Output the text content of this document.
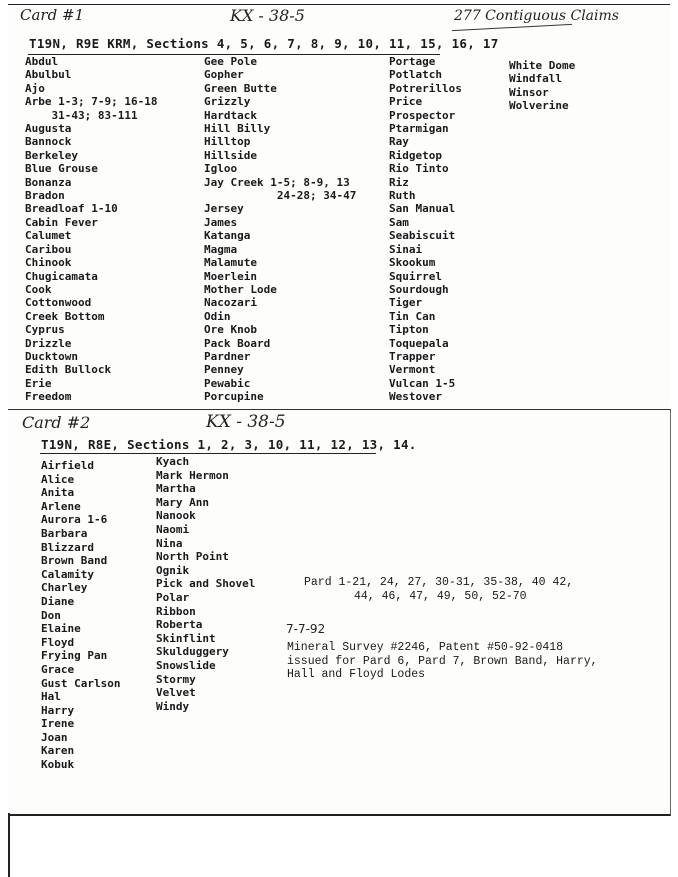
Card #1	KX - 38-5	277 Contiguous Claims
T19N, R9E KRM, Sections 4, 5, 6, 7, 8, 9, 10, 11, 15, 16, 17
Abdul
Abulbul
Ajo
Arbe 1-3; 7-9; 16-18
31-43; 83-111
Augusta
Bannock
Berkeley
Blue Grouse
Bonanza
Bradon
Breadloaf 1-10
Cabin Fever
Calumet
Caribou
Chinook
Chugicamata
Cook
Cottonwood
Creek Bottom
Cyprus
Drizzle
Ducktown
Edith Bullock
Erie
Freedom
Gee Pole
Gopher
Green Butte
Grizzly
Hardtack
Hill Billy
Hilltop
Hillside
Igloo
Jay Creek 1-5; 8-9, 13
24-28; 34-47
Jersey
James
Katanga
Magma
Malamute
Moerlein
Mother Lode
Nacozari
Odin
Ore Knob
Pack Board
Pardner
Penney
Pewabic
Porcupine
Portage
Potlatch
Potrerillos
Price
Prospector
Ptarmigan
Ray
Ridgetop
Rio Tinto
Riz
Ruth
San Manual
Sam
Seabiscuit
Sinai
Skookum
Squirrel
Sourdough
Tiger
Tin Can
Tipton
Toquepala
Trapper
Vermont
Vulcan 1-5
Westover
White Dome
Windfall
Winsor
Wolverine
Card #2	KX - 38-5
T19N, R8E, Sections 1, 2, 3, 10, 11, 12, 13, 14.
Airfield
Alice
Anita
Arlene
Aurora 1-6
Barbara
Blizzard
Brown Band
Calamity
Charley
Diane
Don
Elaine
Floyd
Frying Pan
Grace
Gust Carlson
Hal
Harry
Irene
Joan
Karen
Kobuk
Kyach
Mark Hermon
Martha
Mary Ann
Nanook
Naomi
Nina
North Point
Ognik
Pick and Shovel
Polar
Ribbon
Roberta
Skinflint
Skulduggery
Snowslide
Stormy
Velvet
Windy
Pard 1-21, 24, 27, 30-31, 35-38, 40 42,
44, 46, 47, 49, 50, 52-70
7-7-92
Mineral Survey #2246, Patent #50-92-0418
issued for Pard 6, Pard 7, Brown Band, Harry,
Hall and Floyd Lodes
